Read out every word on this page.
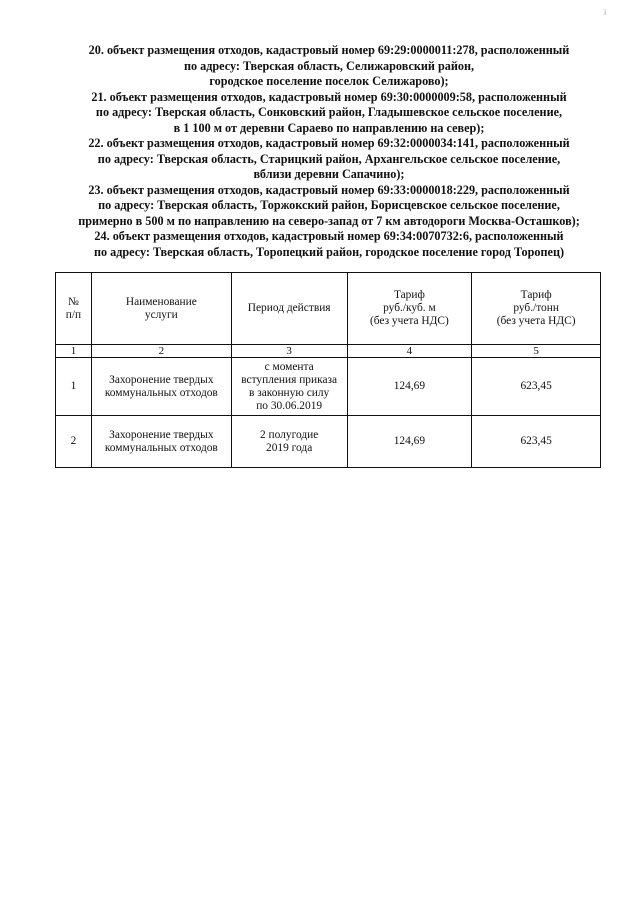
i
20. объект размещения отходов, кадастровый номер 69:29:0000011:278, расположенный
по адресу: Тверская область, Селижаровский район,
городское поселение поселок Селижарово);
21. объект размещения отходов, кадастровый номер 69:30:0000009:58, расположенный
по адресу: Тверская область, Сонковский район, Гладышевское сельское поселение,
в 1 100 м от деревни Сараево по направлению на север);
22. объект размещения отходов, кадастровый номер 69:32:0000034:141, расположенный
по адресу: Тверская область, Старицкий район, Архангельское сельское поселение,
вблизи деревни Сапачино);
23. объект размещения отходов, кадастровый номер 69:33:0000018:229, расположенный
по адресу: Тверская область, Торжокский район, Борисцевское сельское поселение,
примерно в 500 м по направлению на северо-запад от 7 км автодороги Москва-Осташков);
24. объект размещения отходов, кадастровый номер 69:34:0070732:6, расположенный
по адресу: Тверская область, Торопецкий район, городское поселение город Торопец)
№
п/п	Наименование
услуги	Период действия	Тариф
руб./куб. м
(без учета НДС)	Тариф
руб./тонн
(без учета НДС)

1	2	3	4	5
1	Захоронение твердых
коммунальных отходов	с момента
вступления приказа
в законную силу
по 30.06.2019	124,69	623,45
2	Захоронение твердых
коммунальных отходов	2 полугодие
2019 года	124,69	623,45
